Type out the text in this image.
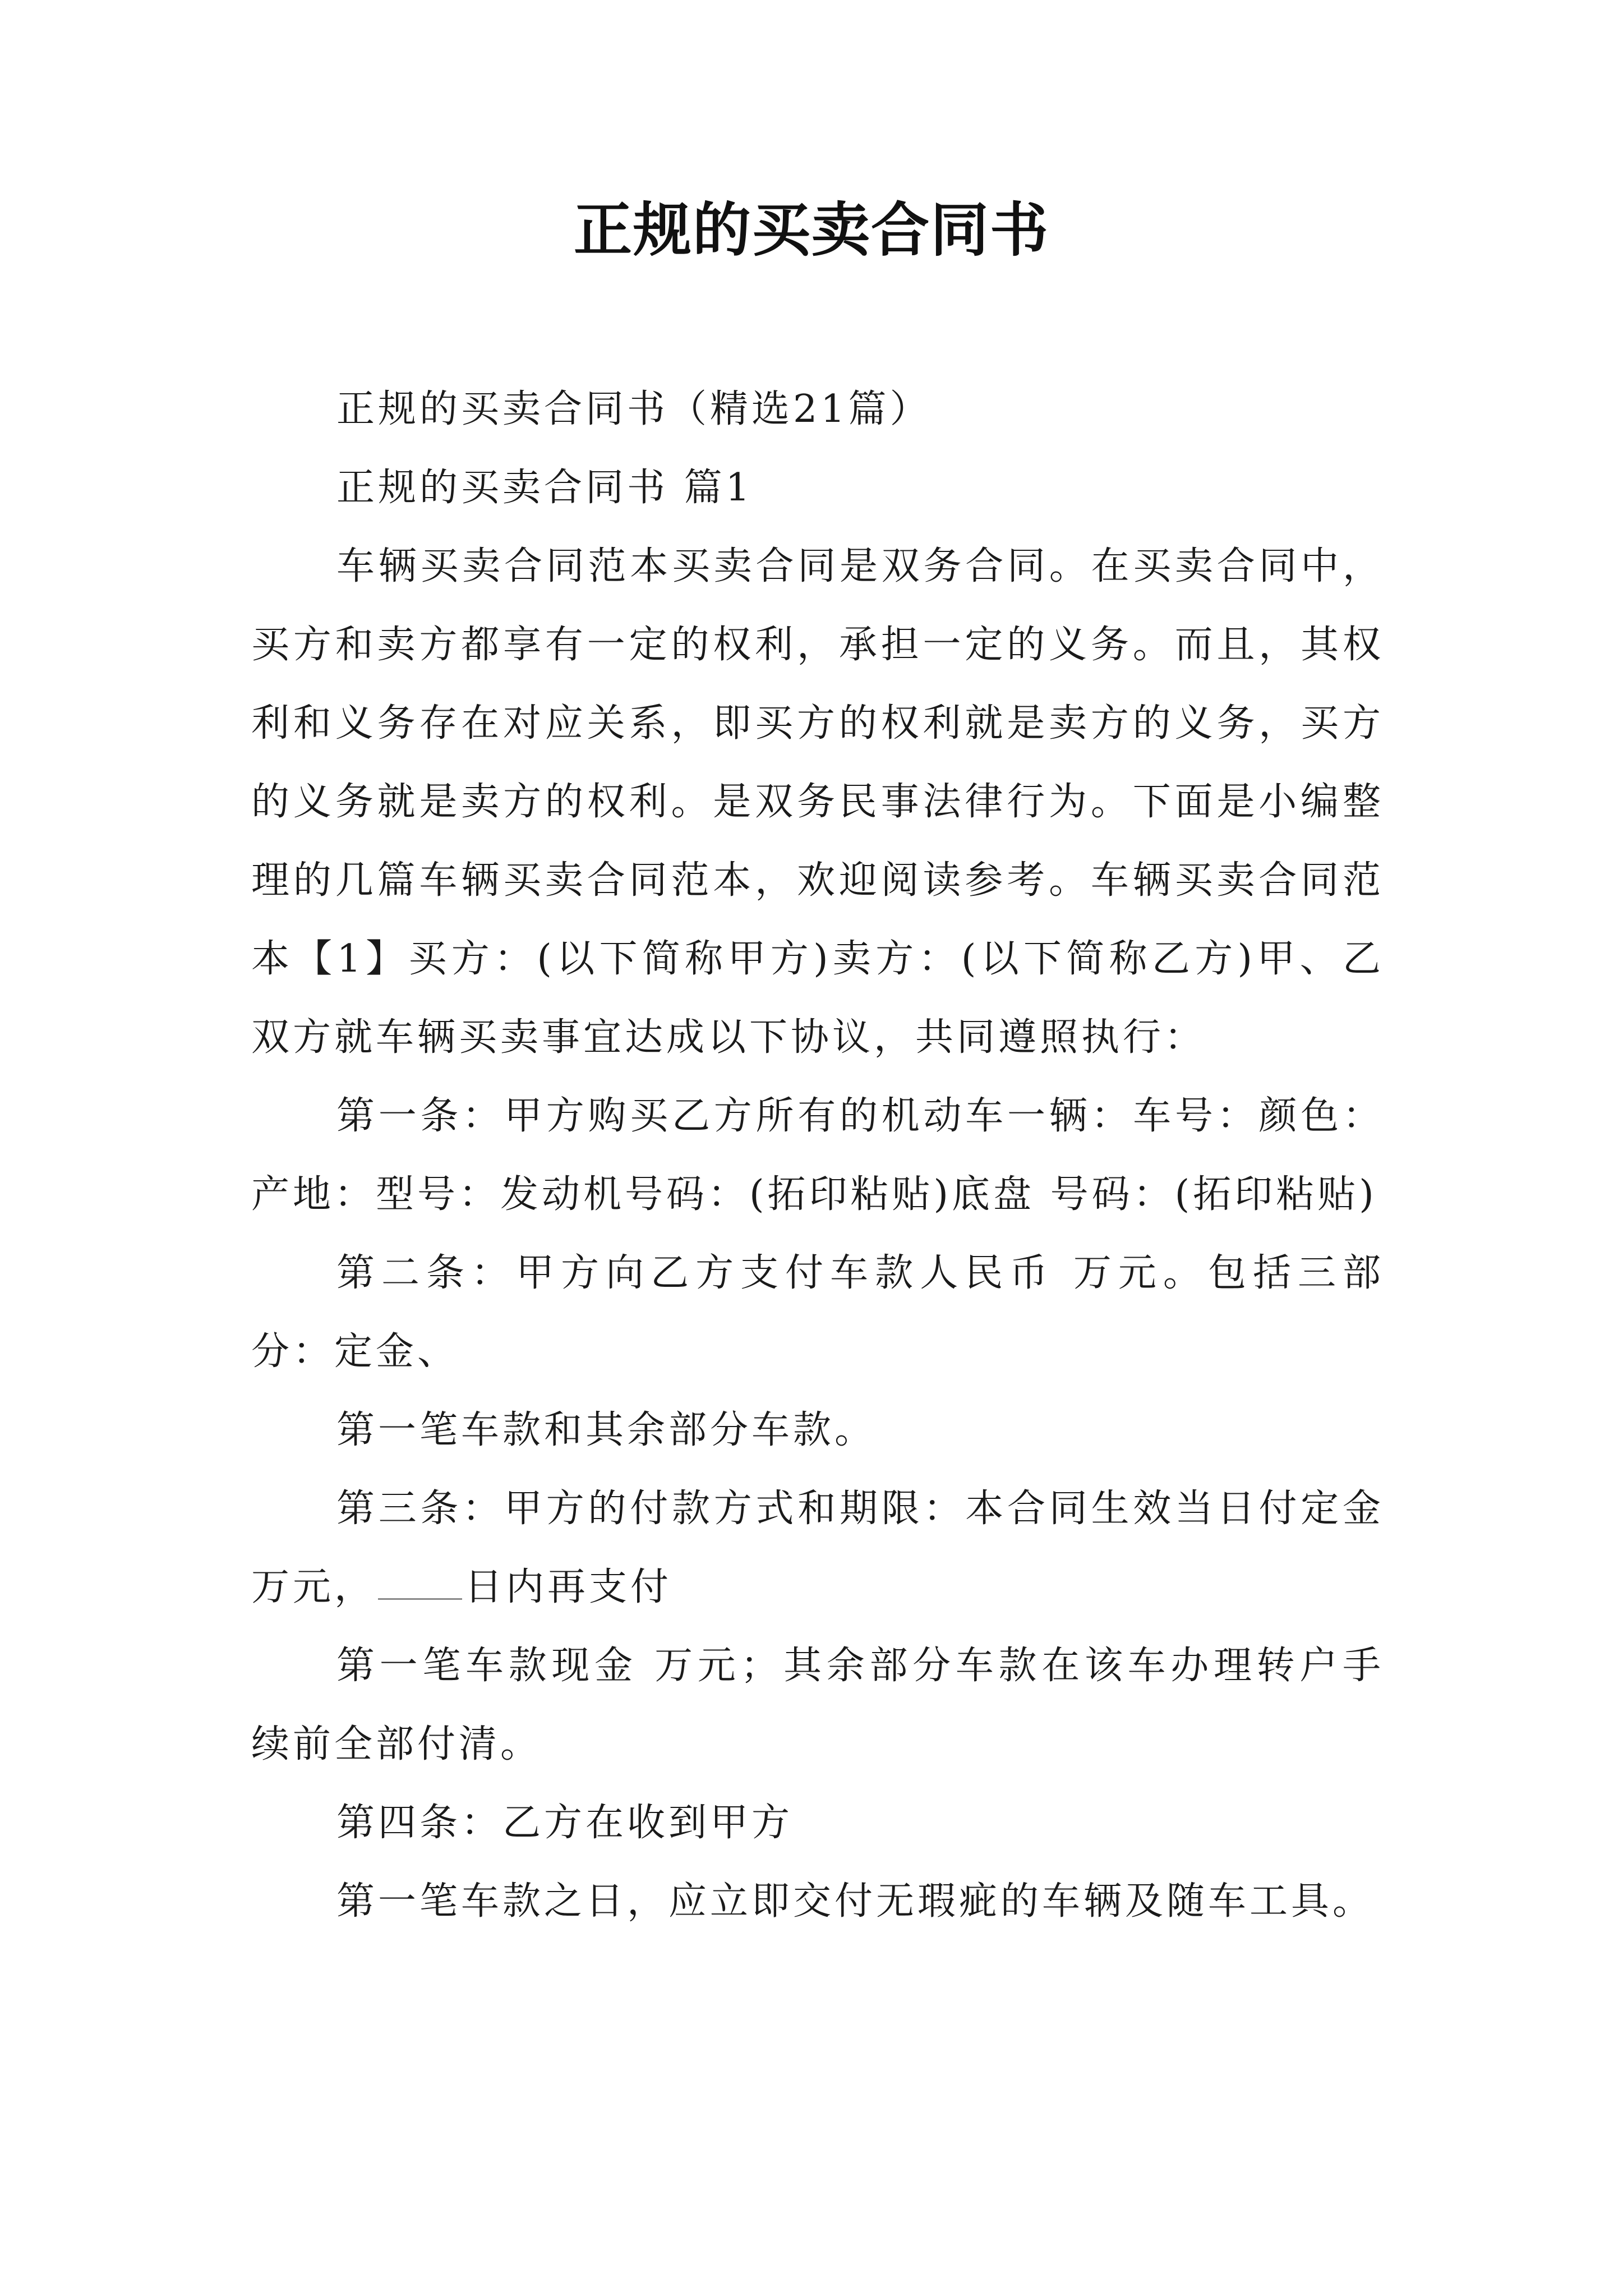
正规的买卖合同书

正规的买卖合同书（精选21篇）

正规的买卖合同书 篇1

车辆买卖合同范本买卖合同是双务合同。在买卖合同中，买方和卖方都享有一定的权利，承担一定的义务。而且，其权利和义务存在对应关系，即买方的权利就是卖方的义务，买方的义务就是卖方的权利。是双务民事法律行为。下面是小编整理的几篇车辆买卖合同范本，欢迎阅读参考。车辆买卖合同范本【1】买方：(以下简称甲方)卖方：(以下简称乙方)甲、乙双方就车辆买卖事宜达成以下协议，共同遵照执行：

第一条：甲方购买乙方所有的机动车一辆：车号：颜色：产地：型号：发动机号码：(拓印粘贴)底盘 号码：(拓印粘贴)

第二条：甲方向乙方支付车款人民币 万元。包括三部分：定金、

第一笔车款和其余部分车款。

第三条：甲方的付款方式和期限：本合同生效当日付定金 万元， 日内再支付

第一笔车款现金 万元；其余部分车款在该车办理转户手续前全部付清。

第四条：乙方在收到甲方

第一笔车款之日，应立即交付无瑕疵的车辆及随车工具。
